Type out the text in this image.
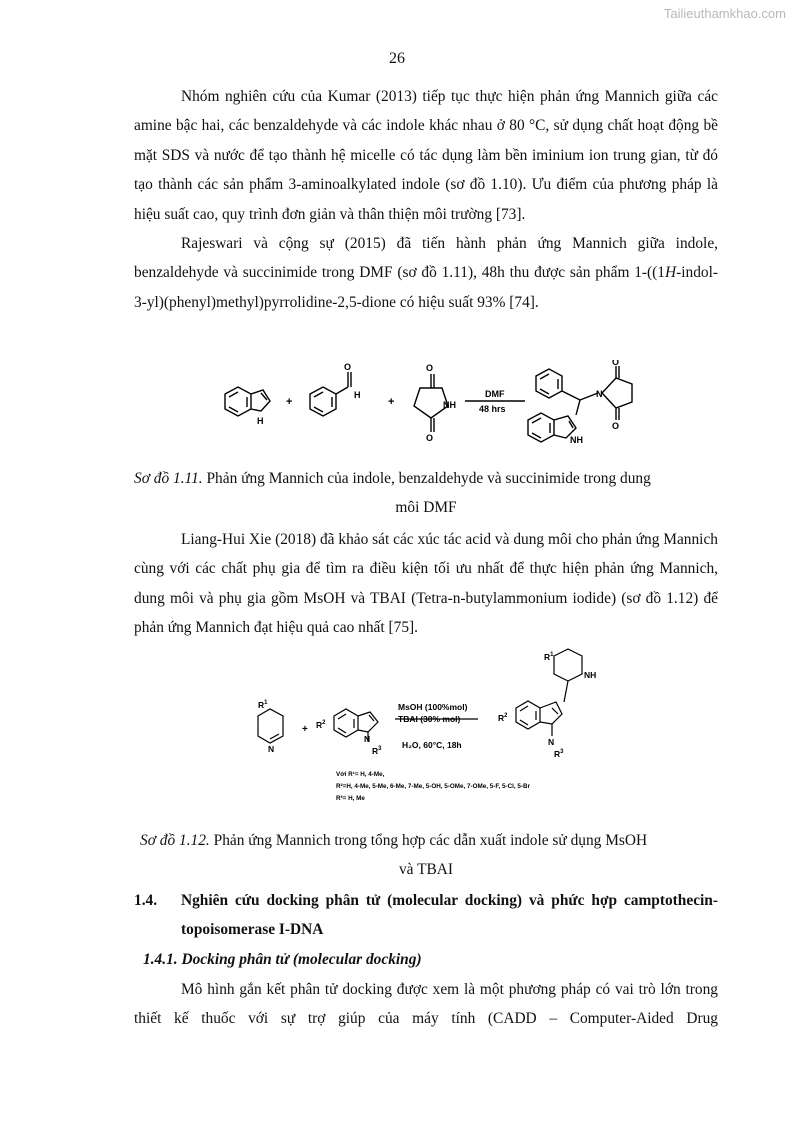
Tailieuthamkhao.com
26

Nhóm nghiên cứu của Kumar (2013) tiếp tục thực hiện phản ứng Mannich giữa các amine bậc hai, các benzaldehyde và các indole khác nhau ở 80 °C, sử dụng chất hoạt động bề mặt SDS và nước để tạo thành hệ micelle có tác dụng làm bền iminium ion trung gian, từ đó tạo thành các sản phẩm 3-aminoalkylated indole (sơ đồ 1.10). Ưu điểm của phương pháp là hiệu suất cao, quy trình đơn giản và thân thiện môi trường [73].

Rajeswari và cộng sự (2015) đã tiến hành phản ứng Mannich giữa indole, benzaldehyde và succinimide trong DMF (sơ đồ 1.11), 48h thu được sản phẩm 1-((1H-indol-3-yl)(phenyl)methyl)pyrrolidine-2,5-dione có hiệu suất 93% [74].

H
+
O
H
+
O
NH
O
DMF
48 hrs
O
N
O
NH
Sơ đồ 1.11. Phản ứng Mannich của indole, benzaldehyde và succinimide trong dung
môi DMF

Liang-Hui Xie (2018) đã khảo sát các xúc tác acid và dung môi cho phản ứng Mannich cùng với các chất phụ gia để tìm ra điều kiện tối ưu nhất để thực hiện phản ứng Mannich, dung môi và phụ gia gồm MsOH và TBAI (Tetra-n-butylammonium iodide) (sơ đồ 1.12) để phản ứng Mannich đạt hiệu quả cao nhất [75].

$R^1$
N
+ $R^2$
N
$R^3$
MsOH (100%mol)
TBAI (30% mol)
H₂O, 60°C, 18h
$R^2$
N
$R^3$
$R^1$
NH
Với R¹= H, 4-Me,
R²=H, 4-Me, 5-Me, 6-Me, 7-Me, 5-OH, 5-OMe, 7-OMe, 5-F, 5-Cl, 5-Br
R³= H, Me
Sơ đồ 1.12. Phản ứng Mannich trong tổng hợp các dẫn xuất indole sử dụng MsOH
và TBAI
1.4. Nghiên cứu docking phân tử (molecular docking) và phức hợp camptothecin-topoisomerase I-DNA
1.4.1. Docking phân tử (molecular docking)

Mô hình gắn kết phân tử docking được xem là một phương pháp có vai trò lớn trong thiết kế thuốc với sự trợ giúp của máy tính (CADD – Computer-Aided Drug
